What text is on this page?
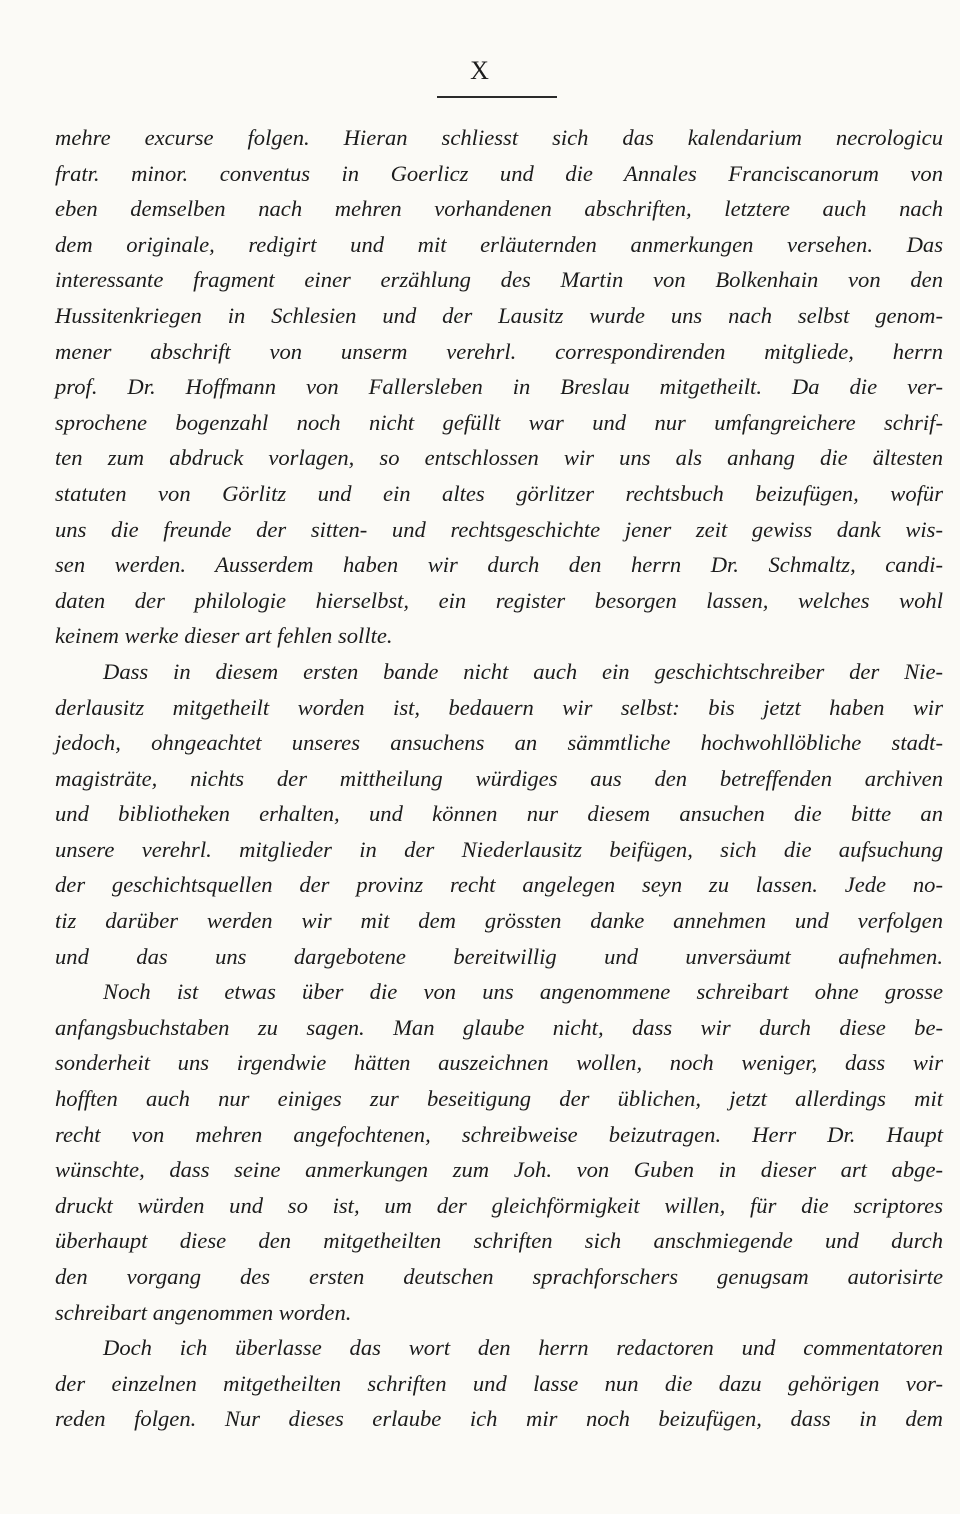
X
mehre excurse folgen. Hieran schliesst sich das kalendarium necrologicu
fratr. minor. conventus in Goerlicz und die Annales Franciscanorum von
eben demselben nach mehren vorhandenen abschriften, letztere auch nach
dem originale, redigirt und mit erläuternden anmerkungen versehen. Das
interessante fragment einer erzählung des Martin von Bolkenhain von den
Hussitenkriegen in Schlesien und der Lausitz wurde uns nach selbst genom-
mener abschrift von unserm verehrl. correspondirenden mitgliede, herrn
prof. Dr. Hoffmann von Fallersleben in Breslau mitgetheilt. Da die ver-
sprochene bogenzahl noch nicht gefüllt war und nur umfangreichere schrif-
ten zum abdruck vorlagen, so entschlossen wir uns als anhang die ältesten
statuten von Görlitz und ein altes görlitzer rechtsbuch beizufügen, wofür
uns die freunde der sitten- und rechtsgeschichte jener zeit gewiss dank wis-
sen werden. Ausserdem haben wir durch den herrn Dr. Schmaltz, candi-
daten der philologie hierselbst, ein register besorgen lassen, welches wohl
keinem werke dieser art fehlen sollte.
Dass in diesem ersten bande nicht auch ein geschichtschreiber der Nie-
derlausitz mitgetheilt worden ist, bedauern wir selbst: bis jetzt haben wir
jedoch, ohngeachtet unseres ansuchens an sämmtliche hochwohllöbliche stadt-
magisträte, nichts der mittheilung würdiges aus den betreffenden archiven
und bibliotheken erhalten, und können nur diesem ansuchen die bitte an
unsere verehrl. mitglieder in der Niederlausitz beifügen, sich die aufsuchung
der geschichtsquellen der provinz recht angelegen seyn zu lassen. Jede no-
tiz darüber werden wir mit dem grössten danke annehmen und verfolgen
und das uns dargebotene bereitwillig und unversäumt aufnehmen.
Noch ist etwas über die von uns angenommene schreibart ohne grosse
anfangsbuchstaben zu sagen. Man glaube nicht, dass wir durch diese be-
sonderheit uns irgendwie hätten auszeichnen wollen, noch weniger, dass wir
hofften auch nur einiges zur beseitigung der üblichen, jetzt allerdings mit
recht von mehren angefochtenen, schreibweise beizutragen. Herr Dr. Haupt
wünschte, dass seine anmerkungen zum Joh. von Guben in dieser art abge-
druckt würden und so ist, um der gleichförmigkeit willen, für die scriptores
überhaupt diese den mitgetheilten schriften sich anschmiegende und durch
den vorgang des ersten deutschen sprachforschers genugsam autorisirte
schreibart angenommen worden.
Doch ich überlasse das wort den herrn redactoren und commentatoren
der einzelnen mitgetheilten schriften und lasse nun die dazu gehörigen vor-
reden folgen. Nur dieses erlaube ich mir noch beizufügen, dass in dem
